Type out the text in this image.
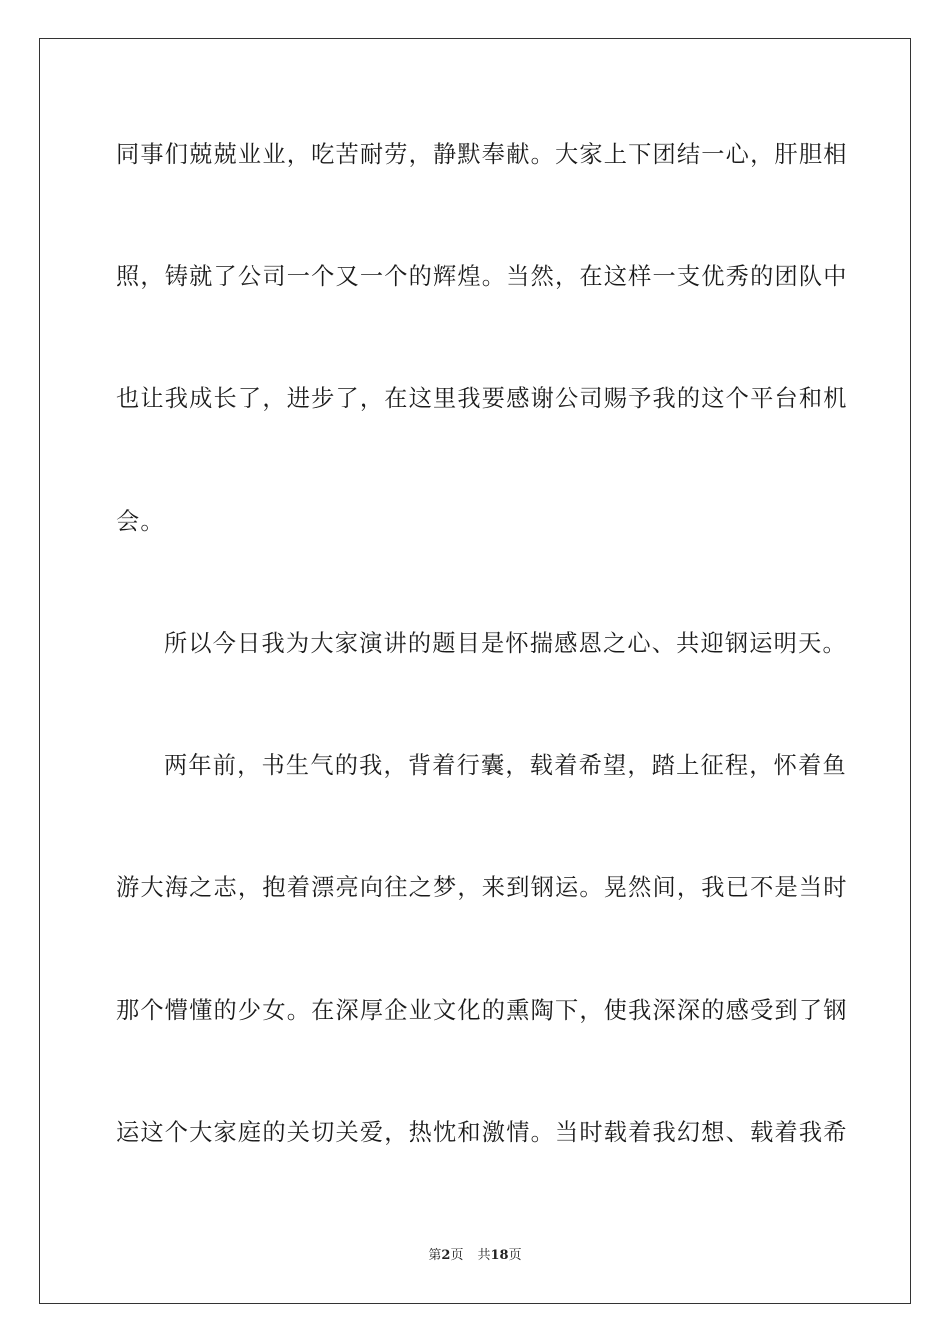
同事们兢兢业业，吃苦耐劳，静默奉献。大家上下团结一心，肝胆相
照，铸就了公司一个又一个的辉煌。当然，在这样一支优秀的团队中
也让我成长了，进步了，在这里我要感谢公司赐予我的这个平台和机
会。
所以今日我为大家演讲的题目是怀揣感恩之心、共迎钢运明天。
两年前，书生气的我，背着行囊，载着希望，踏上征程，怀着鱼
游大海之志，抱着漂亮向往之梦，来到钢运。晃然间，我已不是当时
那个懵懂的少女。在深厚企业文化的熏陶下，使我深深的感受到了钢
运这个大家庭的关切关爱，热忱和激情。当时载着我幻想、载着我希
第2页 共18页
